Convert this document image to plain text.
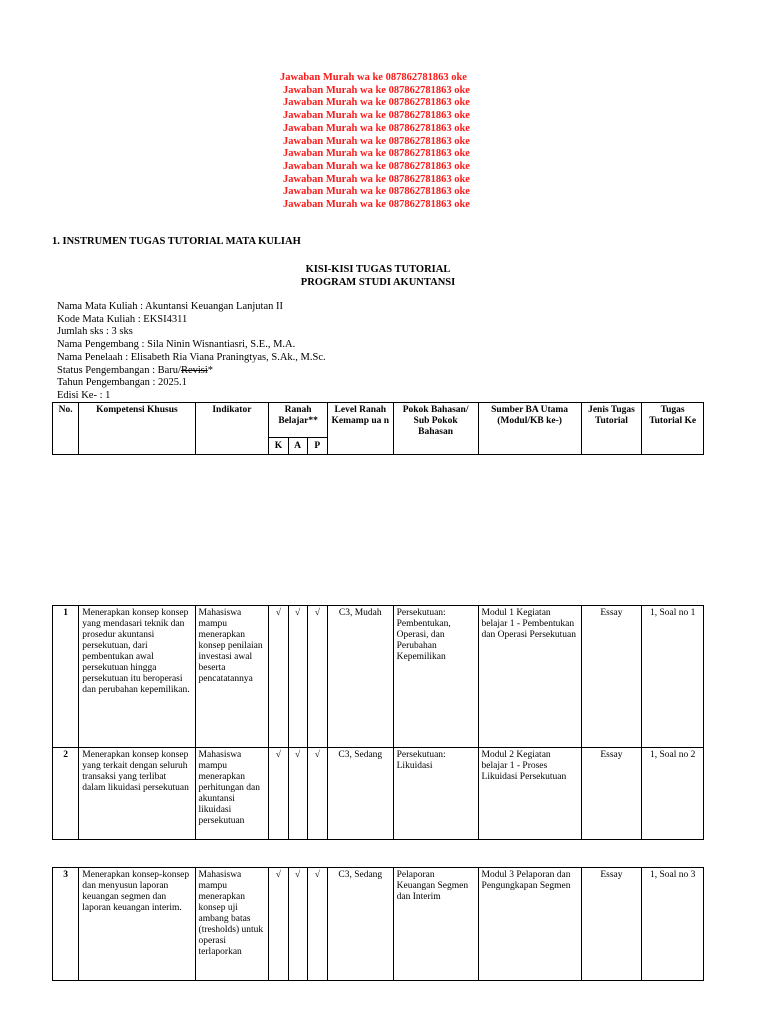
Jawaban Murah wa ke 087862781863 oke
Jawaban Murah wa ke 087862781863 oke
Jawaban Murah wa ke 087862781863 oke
Jawaban Murah wa ke 087862781863 oke
Jawaban Murah wa ke 087862781863 oke
Jawaban Murah wa ke 087862781863 oke
Jawaban Murah wa ke 087862781863 oke
Jawaban Murah wa ke 087862781863 oke
Jawaban Murah wa ke 087862781863 oke
Jawaban Murah wa ke 087862781863 oke
Jawaban Murah wa ke 087862781863 oke
1. INSTRUMEN TUGAS TUTORIAL MATA KULIAH
KISI-KISI TUGAS TUTORIAL
PROGRAM STUDI AKUNTANSI
Nama Mata Kuliah : Akuntansi Keuangan Lanjutan II
Kode Mata Kuliah : EKSI4311
Jumlah sks : 3 sks
Nama Pengembang : Sila Ninin Wisnantiasri, S.E., M.A.
Nama Penelaah : Elisabeth Ria Viana Praningtyas, S.Ak., M.Sc.
Status Pengembangan : Baru/Revisi*
Tahun Pengembangan : 2025.1
Edisi Ke- : 1
No.	Kompetensi Khusus	Indikator	Ranah Belajar**			Level Ranah Kemamp ua n	Pokok Bahasan/ Sub Pokok Bahasan	Sumber BA Utama (Modul/KB ke-)	Jenis Tugas Tutorial	Tugas Tutorial Ke
			K	A	P					
1	Menerapkan konsep konsep yang mendasari teknik dan prosedur akuntansi persekutuan, dari pembentukan awal persekutuan hingga persekutuan itu beroperasi dan perubahan kepemilikan.	Mahasiswa mampu menerapkan konsep penilaian investasi awal beserta pencatatannya	√	√	√	C3, Mudah	Persekutuan: Pembentukan, Operasi, dan Perubahan Kepemilikan	Modul 1 Kegiatan belajar 1 - Pembentukan dan Operasi Persekutuan	Essay	1, Soal no 1
2	Menerapkan konsep konsep yang terkait dengan seluruh transaksi yang terlibat dalam likuidasi persekutuan	Mahasiswa mampu menerapkan perhitungan dan akuntansi likuidasi persekutuan	√	√	√	C3, Sedang	Persekutuan: Likuidasi	Modul 2 Kegiatan belajar 1 - Proses Likuidasi Persekutuan	Essay	1, Soal no 2
3	Menerapkan konsep-konsep dan menyusun laporan keuangan segmen dan laporan keuangan interim.	Mahasiswa mampu menerapkan konsep uji ambang batas (tresholds) untuk operasi terlaporkan	√	√	√	C3, Sedang	Pelaporan Keuangan Segmen dan Interim	Modul 3 Pelaporan dan Pengungkapan Segmen	Essay	1, Soal no 3
